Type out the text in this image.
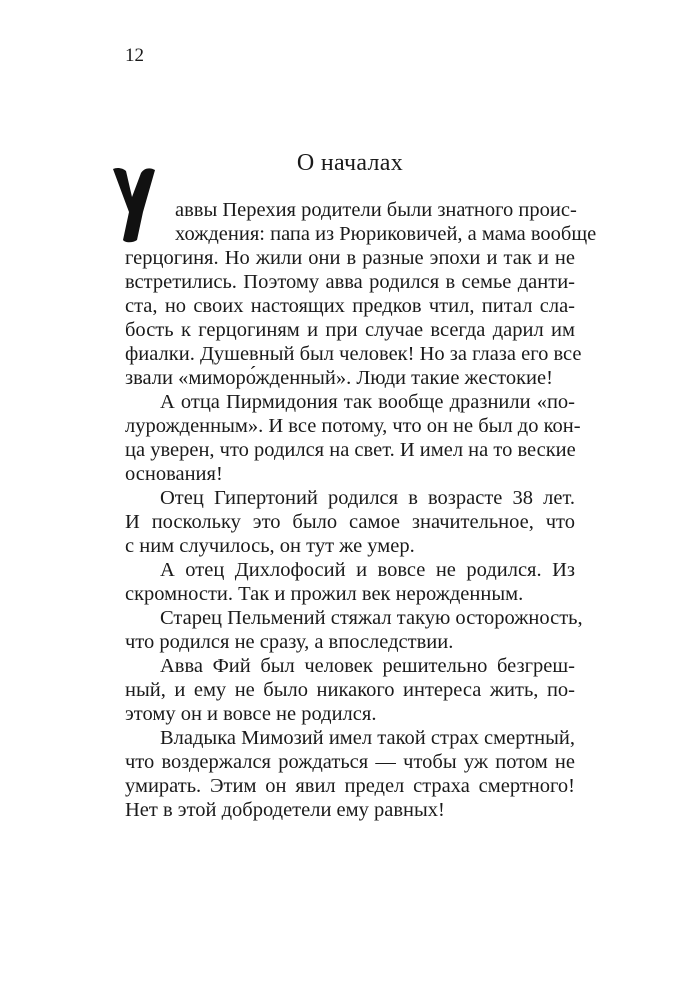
12
О началах
аввы Перехия родители были знатного проис-
хождения: папа из Рюриковичей, а мама вообще
герцогиня. Но жили они в разные эпохи и так и не
встретились. Поэтому авва родился в семье данти-
ста, но своих настоящих предков чтил, питал сла-
бость к герцогиням и при случае всегда дарил им
фиалки. Душевный был человек! Но за глаза его все
звали «миморо́жденный». Люди такие жестокие!
А отца Пирмидония так вообще дразнили «по-
лурожденным». И все потому, что он не был до кон-
ца уверен, что родился на свет. И имел на то веские
основания!
Отец Гипертоний родился в возрасте 38 лет.
И поскольку это было самое значительное, что
с ним случилось, он тут же умер.
А отец Дихлофосий и вовсе не родился. Из
скромности. Так и прожил век нерожденным.
Старец Пельмений стяжал такую осторожность,
что родился не сразу, а впоследствии.
Авва Фий был человек решительно безгреш-
ный, и ему не было никакого интереса жить, по-
этому он и вовсе не родился.
Владыка Мимозий имел такой страх смертный,
что воздержался рождаться — чтобы уж потом не
умирать. Этим он явил предел страха смертного!
Нет в этой добродетели ему равных!
